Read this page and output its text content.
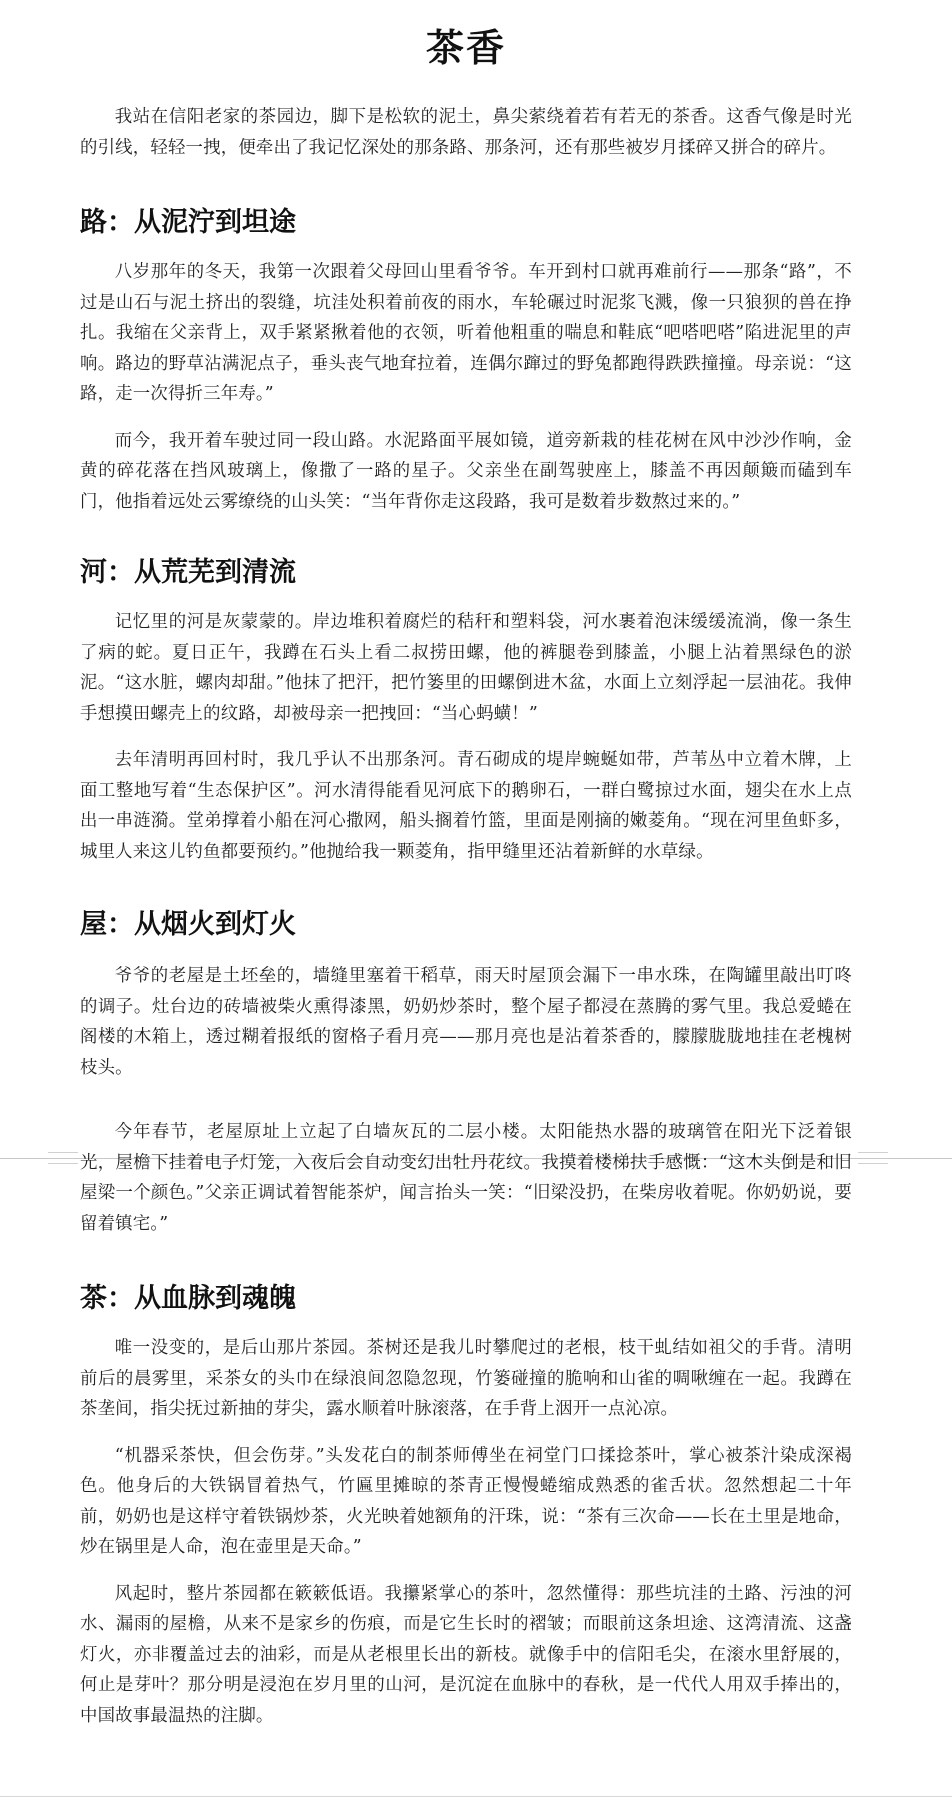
茶香

我站在信阳老家的茶园边，脚下是松软的泥土，鼻尖萦绕着若有若无的茶香。这香气像是时光的引线，轻轻一拽，便牵出了我记忆深处的那条路、那条河，还有那些被岁月揉碎又拼合的碎片。

路：从泥泞到坦途

八岁那年的冬天，我第一次跟着父母回山里看爷爷。车开到村口就再难前行——那条“路”，不过是山石与泥土挤出的裂缝，坑洼处积着前夜的雨水，车轮碾过时泥浆飞溅，像一只狼狈的兽在挣扎。我缩在父亲背上，双手紧紧揪着他的衣领，听着他粗重的喘息和鞋底“吧嗒吧嗒”陷进泥里的声响。路边的野草沾满泥点子，垂头丧气地耷拉着，连偶尔蹿过的野兔都跑得跌跌撞撞。母亲说：“这路，走一次得折三年寿。”

而今，我开着车驶过同一段山路。水泥路面平展如镜，道旁新栽的桂花树在风中沙沙作响，金黄的碎花落在挡风玻璃上，像撒了一路的星子。父亲坐在副驾驶座上，膝盖不再因颠簸而磕到车门，他指着远处云雾缭绕的山头笑：“当年背你走这段路，我可是数着步数熬过来的。”

河：从荒芜到清流

记忆里的河是灰蒙蒙的。岸边堆积着腐烂的秸秆和塑料袋，河水裹着泡沫缓缓流淌，像一条生了病的蛇。夏日正午，我蹲在石头上看二叔捞田螺，他的裤腿卷到膝盖，小腿上沾着黑绿色的淤泥。“这水脏，螺肉却甜。”他抹了把汗，把竹篓里的田螺倒进木盆，水面上立刻浮起一层油花。我伸手想摸田螺壳上的纹路，却被母亲一把拽回：“当心蚂蟥！”

去年清明再回村时，我几乎认不出那条河。青石砌成的堤岸蜿蜒如带，芦苇丛中立着木牌，上面工整地写着“生态保护区”。河水清得能看见河底下的鹅卵石，一群白鹭掠过水面，翅尖在水上点出一串涟漪。堂弟撑着小船在河心撒网，船头搁着竹篮，里面是刚摘的嫩菱角。“现在河里鱼虾多，城里人来这儿钓鱼都要预约。”他抛给我一颗菱角，指甲缝里还沾着新鲜的水草绿。

屋：从烟火到灯火

爷爷的老屋是土坯垒的，墙缝里塞着干稻草，雨天时屋顶会漏下一串水珠，在陶罐里敲出叮咚的调子。灶台边的砖墙被柴火熏得漆黑，奶奶炒茶时，整个屋子都浸在蒸腾的雾气里。我总爱蜷在阁楼的木箱上，透过糊着报纸的窗格子看月亮——那月亮也是沾着茶香的，朦朦胧胧地挂在老槐树枝头。

今年春节，老屋原址上立起了白墙灰瓦的二层小楼。太阳能热水器的玻璃管在阳光下泛着银光，屋檐下挂着电子灯笼，入夜后会自动变幻出牡丹花纹。我摸着楼梯扶手感慨：“这木头倒是和旧屋梁一个颜色。”父亲正调试着智能茶炉，闻言抬头一笑：“旧梁没扔，在柴房收着呢。你奶奶说，要留着镇宅。”

茶：从血脉到魂魄

唯一没变的，是后山那片茶园。茶树还是我儿时攀爬过的老根，枝干虬结如祖父的手背。清明前后的晨雾里，采茶女的头巾在绿浪间忽隐忽现，竹篓碰撞的脆响和山雀的啁啾缠在一起。我蹲在茶垄间，指尖抚过新抽的芽尖，露水顺着叶脉滚落，在手背上洇开一点沁凉。

“机器采茶快，但会伤芽。”头发花白的制茶师傅坐在祠堂门口揉捻茶叶，掌心被茶汁染成深褐色。他身后的大铁锅冒着热气，竹匾里摊晾的茶青正慢慢蜷缩成熟悉的雀舌状。忽然想起二十年前，奶奶也是这样守着铁锅炒茶，火光映着她额角的汗珠，说：“茶有三次命——长在土里是地命，炒在锅里是人命，泡在壶里是天命。”

风起时，整片茶园都在簌簌低语。我攥紧掌心的茶叶，忽然懂得：那些坑洼的土路、污浊的河水、漏雨的屋檐，从来不是家乡的伤痕，而是它生长时的褶皱；而眼前这条坦途、这湾清流、这盏灯火，亦非覆盖过去的油彩，而是从老根里长出的新枝。就像手中的信阳毛尖，在滚水里舒展的，何止是芽叶？那分明是浸泡在岁月里的山河，是沉淀在血脉中的春秋，是一代代人用双手捧出的，中国故事最温热的注脚。
